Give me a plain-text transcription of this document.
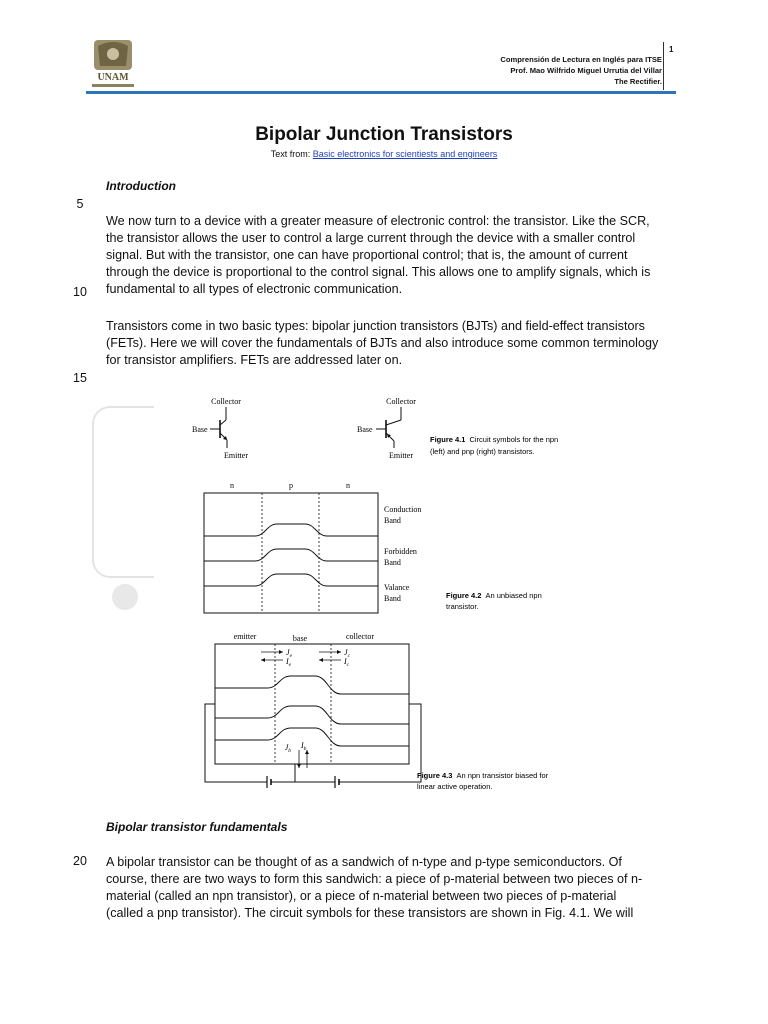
UNAM
Comprensión de Lectura en Inglés para ITSE
Prof. Mao Wilfrido Miguel Urrutia del Villar
The Rectifier.
1
Bipolar Junction Transistors
Text from: Basic electronics for scientiests and engineers
Introduction
5
We now turn to a device with a greater measure of electronic control: the transistor. Like the SCR,
the transistor allows the user to control a large current through the device with a smaller control
signal. But with the transistor, one can have proportional control; that is, the amount of current
through the device is proportional to the control signal. This allows one to amplify signals, which is
fundamental to all types of electronic communication.
10
Transistors come in two basic types: bipolar junction transistors (BJTs) and field-effect transistors
(FETs). Here we will cover the fundamentals of BJTs and also introduce some common terminology
for transistor amplifiers. FETs are addressed later on.
15
Collector
Base
Emitter
Collector
Base
Emitter
Figure 4.1 Circuit symbols for the npn
(left) and pnp (right) transistors.
n	p	n
Conduction
Band
Forbidden
Band
Valance
Band	Figure 4.2 An unbiased npn
transistor.
emitter	base	collector
$J_e$
$I_e$
$J_c$
$I_c$
$J_b$
$I_b$
Figure 4.3 An npn transistor biased for
linear active operation.
Bipolar transistor fundamentals
20	A bipolar transistor can be thought of as a sandwich of n-type and p-type semiconductors. Of
course, there are two ways to form this sandwich: a piece of p-material between two pieces of n-
material (called an npn transistor), or a piece of n-material between two pieces of p-material
(called a pnp transistor). The circuit symbols for these transistors are shown in Fig. 4.1. We will
